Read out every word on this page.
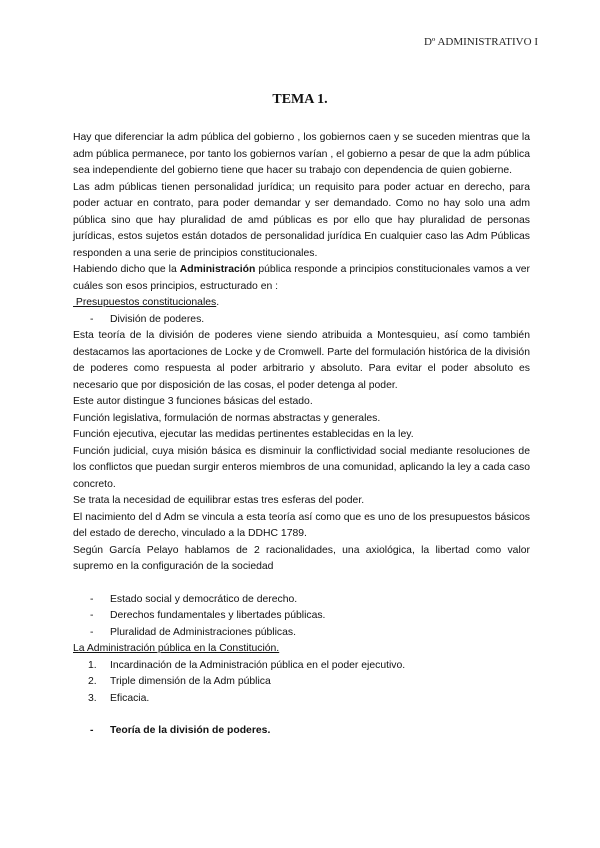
Dº ADMINISTRATIVO I
TEMA 1.

Hay que diferenciar la adm pública del gobierno , los gobiernos caen y se suceden mientras que la adm pública permanece, por tanto los gobiernos varían , el gobierno a pesar de que la adm pública sea independiente del gobierno tiene que hacer su trabajo con dependencia de quien gobierne.

Las adm públicas tienen personalidad jurídica; un requisito para poder actuar en derecho, para poder actuar en contrato, para poder demandar y ser demandado. Como no hay solo una adm pública sino que hay pluralidad de amd públicas es por ello que hay pluralidad de personas jurídicas, estos sujetos están dotados de personalidad jurídica En cualquier caso las Adm Públicas responden a una serie de principios constitucionales.

Habiendo dicho que la Administración pública responde a principios constitucionales vamos a ver cuáles son esos principios, estructurado en :

Presupuestos constitucionales.

- División de poderes.

Esta teoría de la división de poderes viene siendo atribuida a Montesquieu, así como también destacamos las aportaciones de Locke y de Cromwell. Parte del formulación histórica de la división de poderes como respuesta al poder arbitrario y absoluto. Para evitar el poder absoluto es necesario que por disposición de las cosas, el poder detenga al poder.

Este autor distingue 3 funciones básicas del estado.

Función legislativa, formulación de normas abstractas y generales.

Función ejecutiva, ejecutar las medidas pertinentes establecidas en la ley.

Función judicial, cuya misión básica es disminuir la conflictividad social mediante resoluciones de los conflictos que puedan surgir enteros miembros de una comunidad, aplicando la ley a cada caso concreto.

Se trata la necesidad de equilibrar estas tres esferas del poder.

El nacimiento del d Adm se vincula a esta teoría así como que es uno de los presupuestos básicos del estado de derecho, vinculado a la DDHC 1789.

Según García Pelayo hablamos de 2 racionalidades, una axiológica, la libertad como valor supremo en la configuración de la sociedad

- Estado social y democrático de derecho.

- Derechos fundamentales y libertades públicas.

- Pluralidad de Administraciones públicas.

La Administración pública en la Constitución.

1. Incardinación de la Administración pública en el poder ejecutivo.

2. Triple dimensión de la Adm pública

3. Eficacia.

- Teoría de la división de poderes.
